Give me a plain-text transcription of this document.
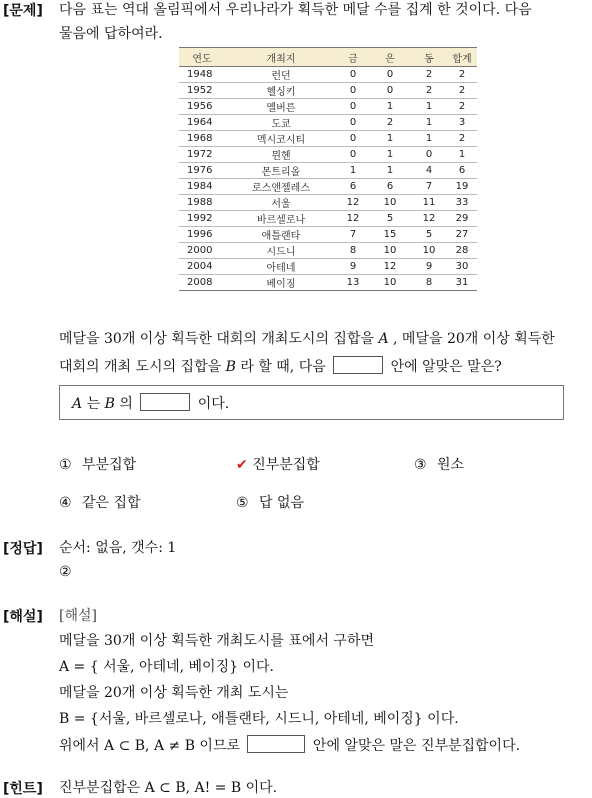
[문제] 다음 표는 역대 올림픽에서 우리나라가 획득한 메달 수를 집계 한 것이다. 다음
물음에 답하여라.
연도	개최지	금	은	동	합계
1948	런던	0	0	2	2
1952	헬싱키	0	0	2	2
1956	멜버른	0	1	1	2
1964	도쿄	0	2	1	3
1968	멕시코시티	0	1	1	2
1972	뮌헨	0	1	0	1
1976	몬트리올	1	1	4	6
1984	로스앤젤레스	6	6	7	19
1988	서울	12	10	11	33
1992	바르셀로나	12	5	12	29
1996	애틀랜타	7	15	5	27
2000	시드니	8	10	10	28
2004	아테네	9	12	9	30
2008	베이징	13	10	8	31
메달을 30개 이상 획득한 대회의 개최도시의 집합을 A , 메달을 20개 이상 획득한
대회의 개최 도시의 집합을 B 라 할 때, 다음	안에 알맞은 말은?
A 는 B 의	이다.
① 부분집합	✔ 진부분집합	③ 원소
④ 같은 집합	⑤ 답 없음
[정답] 순서: 없음, 갯수: 1
②
[해설] [해설]
메달을 30개 이상 획득한 개최도시를 표에서 구하면
A = { 서울, 아테네, 베이징} 이다.
메달을 20개 이상 획득한 개최 도시는
B = {서울, 바르셀로나, 애틀랜타, 시드니, 아테네, 베이징} 이다.
위에서 A ⊂ B, A ≠ B 이므로	안에 알맞은 말은 진부분집합이다.
[힌트] 진부분집합은 A ⊂ B, A! = B 이다.
